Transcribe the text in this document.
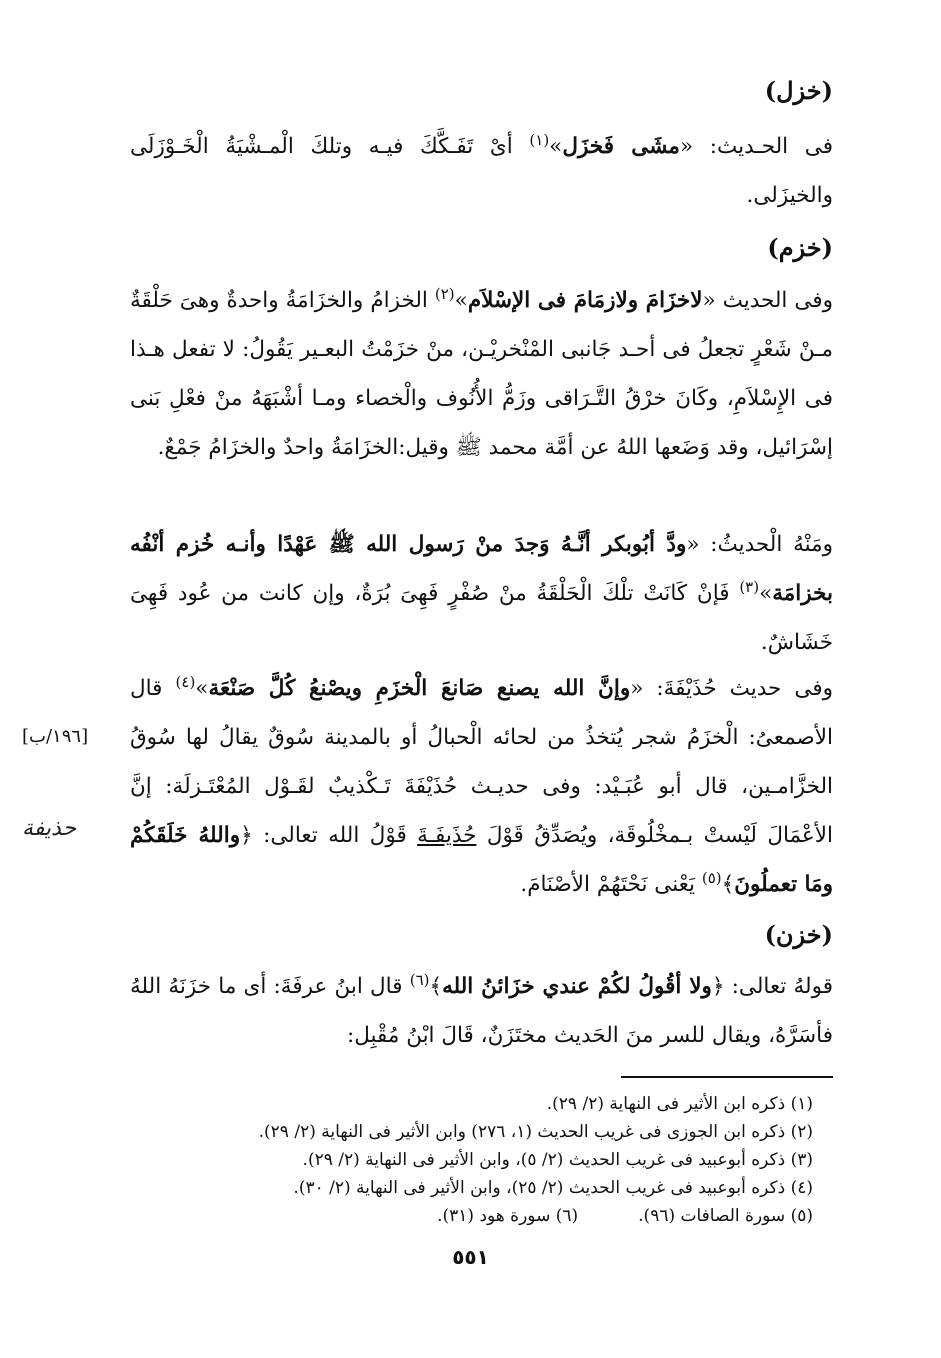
(خزل)
فى الحـديث: «مشَى فَخزَل»$^{(١)}$ أىْ تَفَـكَّكَ فيـه وتلكَ الْمـشْيَةُ الْخَـوْزَلَى والخيزَلى.
(خزم)
وفى الحديث «لاخزَامَ ولازمَامَ فى الإسْلاَم»$^{(٢)}$ الخزامُ والخزَامَةُ واحدةٌ وهىَ حَلْقَةٌ مـنْ شَعْرٍ تجعلُ فى أحـد جَانبى المْنْخريْـن، منْ خزَمْتُ البعـير يَقُولُ: لا تفعل هـذا فى الإِسْلاَمِ، وكَانَ خرْقُ التَّـرَاقى وزَمُّ الأُنُوف والْخصاء ومـا أشْبَهَهُ منْ فعْلِ بَنى إسْرَائيل، وقد وَضَعها اللهُ عن أمَّة محمد ﷺ وقيل:الخزَامَةُ واحدٌ والخزَامُ جَمْعٌ.
ومَنْهُ الْحديثُ: «ودَّ أبُوبكر أنَّـهُ وَجدَ منْ رَسول الله ﷺ عَهْدًا وأنـه خُزم أنْفُه بخزامَة»$^{(٣)}$ فَإنْ كَانَتْ تلْكَ الْحَلْقَةُ منْ صُفْرٍ فَهِىَ بُرَةٌ، وإن كانت من عُود فَهِىَ خَشَاشٌ.
وفى حديث حُذَيْفَةَ: «وإنَّ الله يصنع صَانعَ الْخزَمِ ويصْنعُ كُلَّ صَنْعَة»$^{(٤)}$ قال الأصمعىُ: الْخزَمُ شجر يُتخذُ من لحائه الْحبالُ أو بالمدينة سُوقٌ يقالُ لها سُوقُ الخزَّامـين، قال أبو عُبَـيْد: وفى حديـث حُذَيْفَةَ تَـكْذيبٌ لقَـوْل المُعْتَـزلَة: إنَّ الأعْمَالَ لَيْستْ بـمخْلُوقَة، ويُصَدِّقُ قَوْلَ حُذَيفَـةَ قَوْلُ الله تعالى: ﴿واللهُ خَلَقَكُمْ ومَا تعملُونَ﴾$^{(٥)}$ يَعْنى نَحْتَهُمْ الأصْنَامَ.
[١٩٦/ب]
حذيفة
(خزن)
قولهُ تعالى: ﴿ولا أقُولُ لكُمْ عندي خزَائنُ الله﴾$^{(٦)}$ قال ابنُ عرفَةَ: أى ما خزَنَهُ اللهُ فأسَرَّهُ، ويقال للسر منَ الحَديث مختَزَنٌ، قَالَ ابْنُ مُقْبِل:
(١) ذكره ابن الأثير فى النهاية (٢/ ٢٩).
(٢) ذكره ابن الجوزى فى غريب الحديث (١، ٢٧٦) وابن الأثير فى النهاية (٢/ ٢٩).
(٣) ذكره أبوعبيد فى غريب الحديث (٢/ ٥)، وابن الأثير فى النهاية (٢/ ٢٩).
(٤) ذكره أبوعبيد فى غريب الحديث (٢/ ٢٥)، وابن الأثير فى النهاية (٢/ ٣٠).
(٥) سورة الصافات (٩٦).
(٦) سورة هود (٣١).
٥٥١
